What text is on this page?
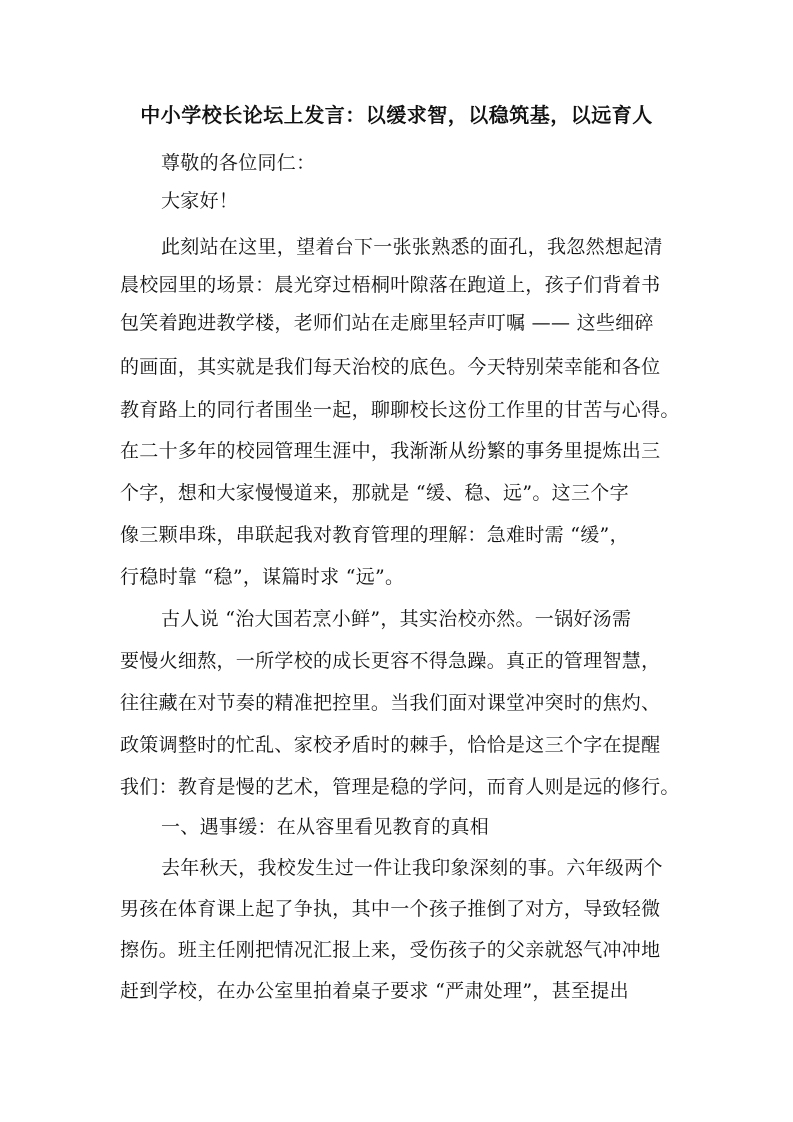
中小学校长论坛上发言：以缓求智，以稳筑基，以远育人
尊敬的各位同仁：
大家好！
此刻站在这里，望着台下一张张熟悉的面孔，我忽然想起清
晨校园里的场景：晨光穿过梧桐叶隙落在跑道上，孩子们背着书
包笑着跑进教学楼，老师们站在走廊里轻声叮嘱 —— 这些细碎
的画面，其实就是我们每天治校的底色。今天特别荣幸能和各位
教育路上的同行者围坐一起，聊聊校长这份工作里的甘苦与心得。
在二十多年的校园管理生涯中，我渐渐从纷繁的事务里提炼出三
个字，想和大家慢慢道来，那就是 “缓、稳、远”。这三个字
像三颗串珠，串联起我对教育管理的理解：急难时需 “缓”，
行稳时靠 “稳”，谋篇时求 “远”。
古人说 “治大国若烹小鲜”，其实治校亦然。一锅好汤需
要慢火细熬，一所学校的成长更容不得急躁。真正的管理智慧，
往往藏在对节奏的精准把控里。当我们面对课堂冲突时的焦灼、
政策调整时的忙乱、家校矛盾时的棘手，恰恰是这三个字在提醒
我们：教育是慢的艺术，管理是稳的学问，而育人则是远的修行。
一、遇事缓：在从容里看见教育的真相
去年秋天，我校发生过一件让我印象深刻的事。六年级两个
男孩在体育课上起了争执，其中一个孩子推倒了对方，导致轻微
擦伤。班主任刚把情况汇报上来，受伤孩子的父亲就怒气冲冲地
赶到学校，在办公室里拍着桌子要求 “严肃处理”，甚至提出
